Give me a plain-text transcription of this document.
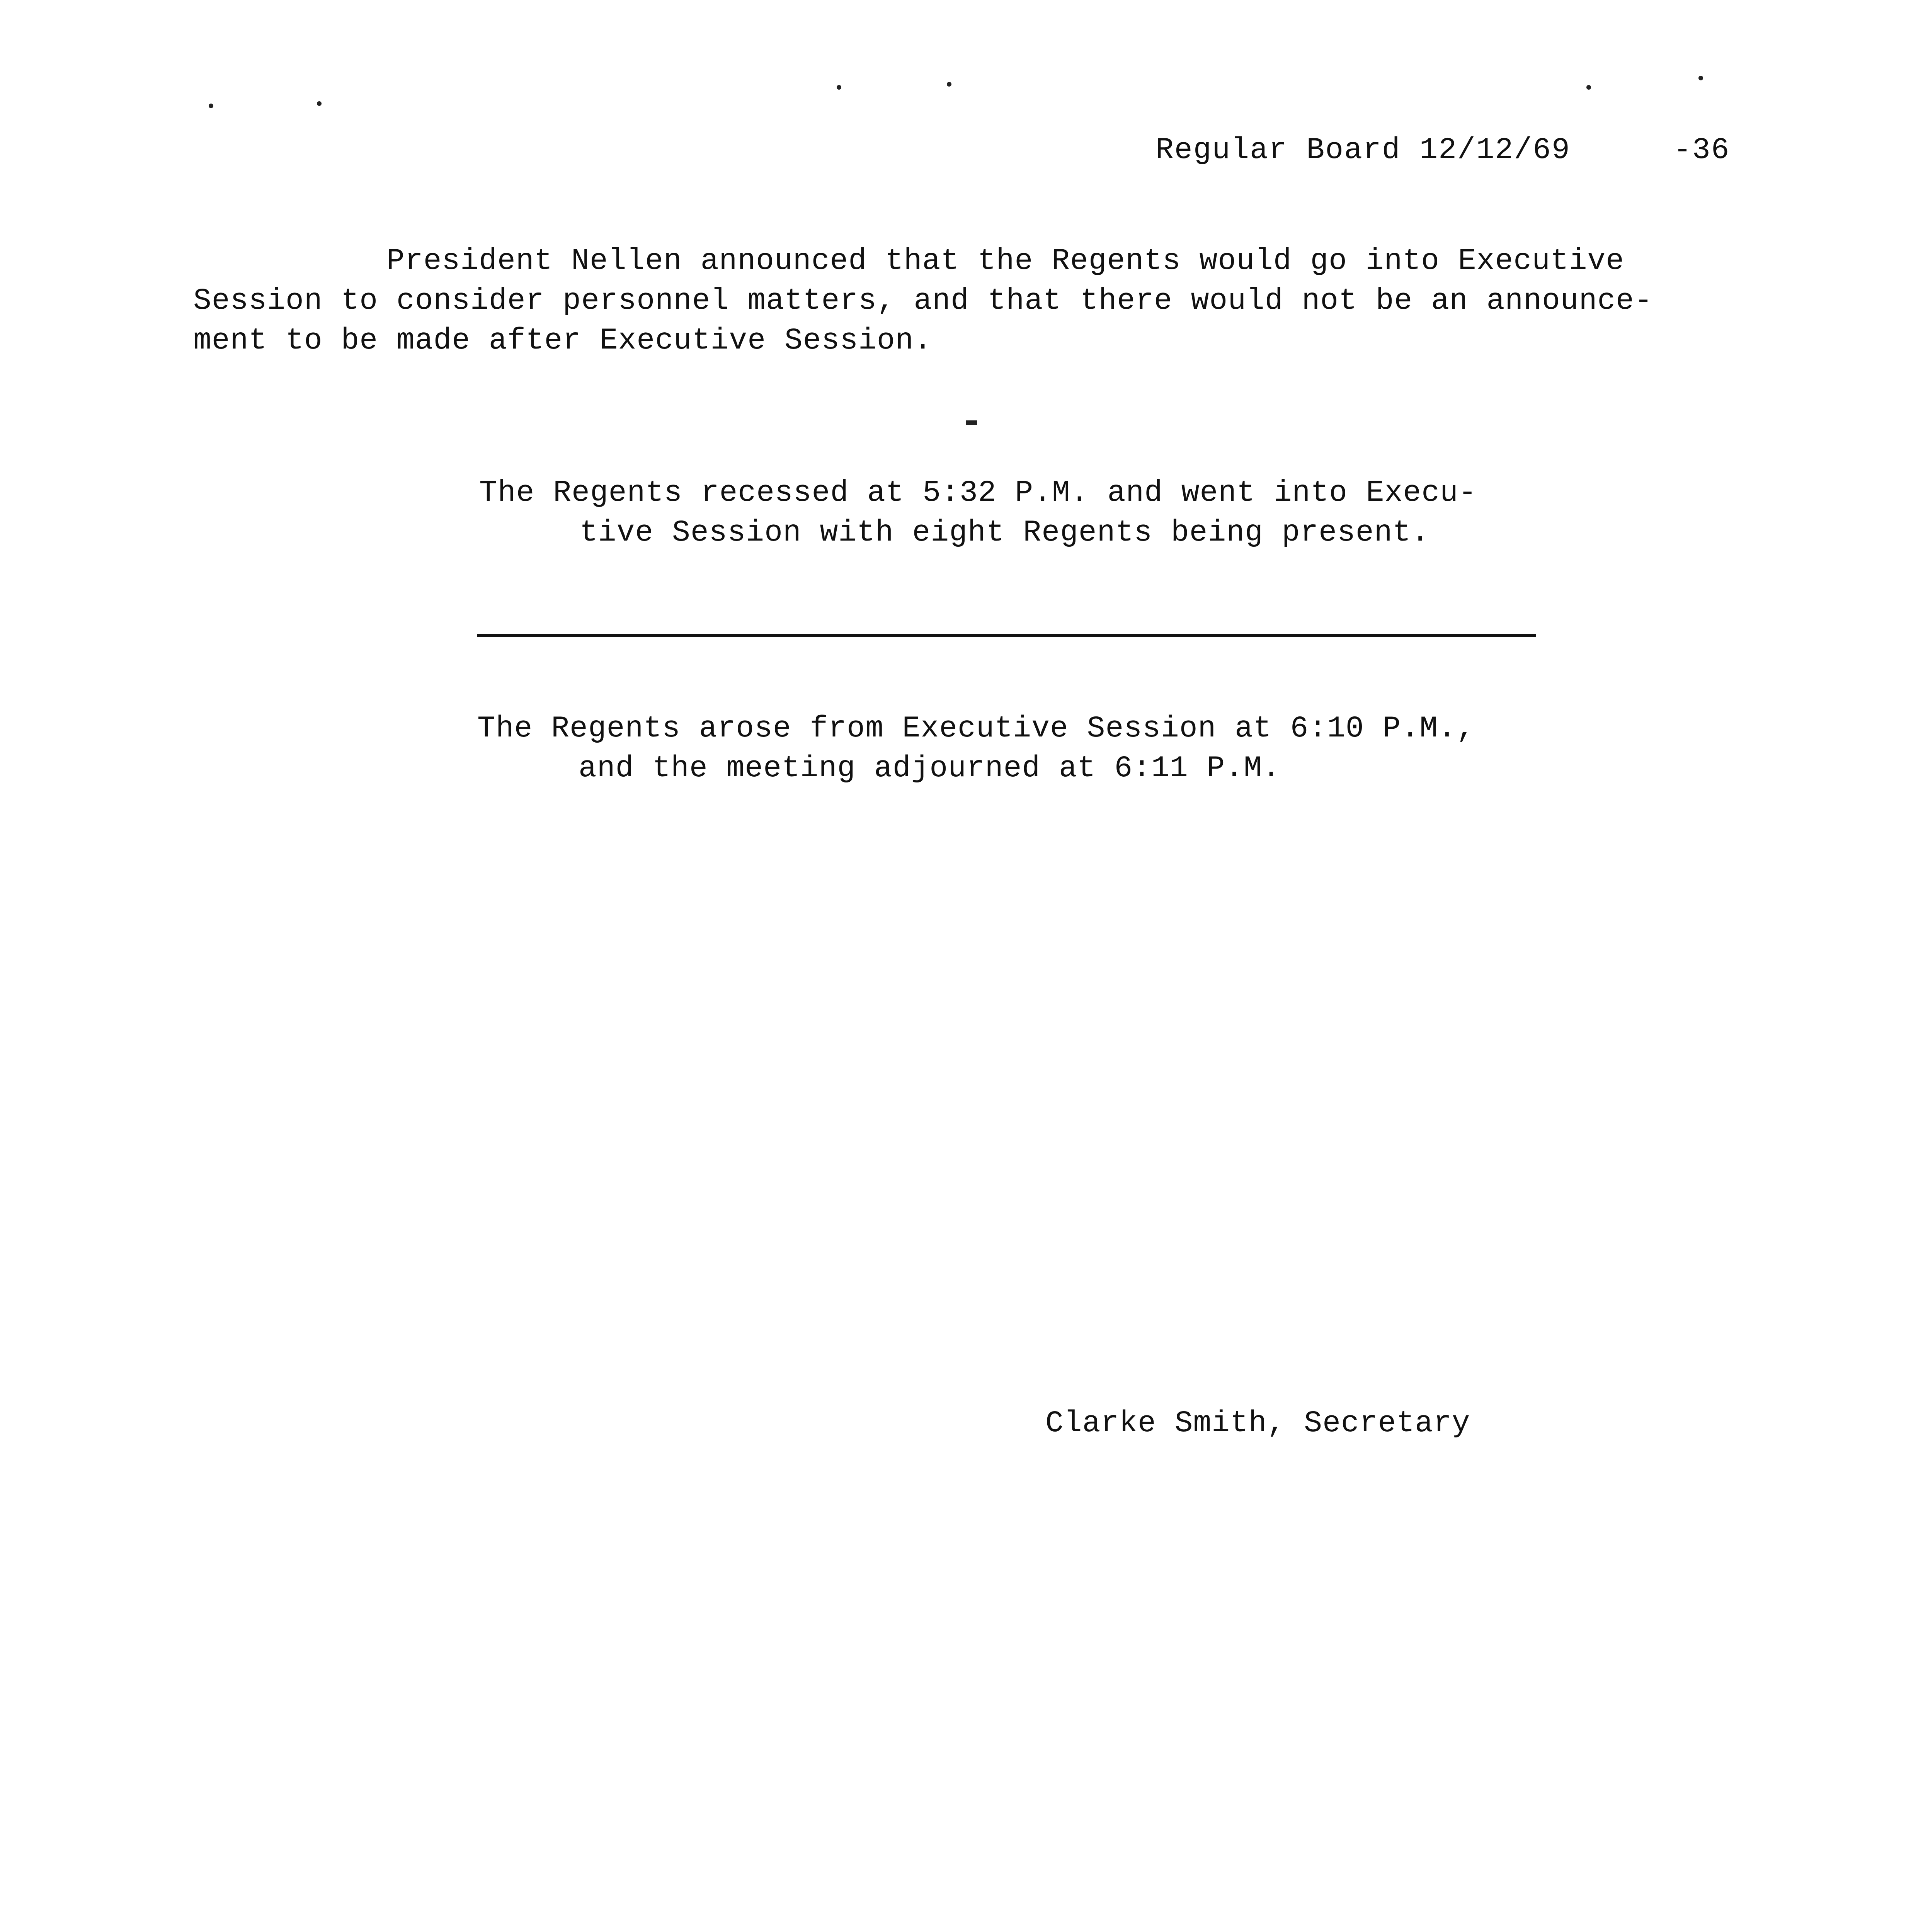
Regular Board 12/12/69	-36
President Nellen announced that the Regents would go into Executive
Session to consider personnel matters, and that there would not be an announce-
ment to be made after Executive Session.
The Regents recessed at 5:32 P.M. and went into Execu-
tive Session with eight Regents being present.
The Regents arose from Executive Session at 6:10 P.M.,
and the meeting adjourned at 6:11 P.M.
Clarke Smith, Secretary
